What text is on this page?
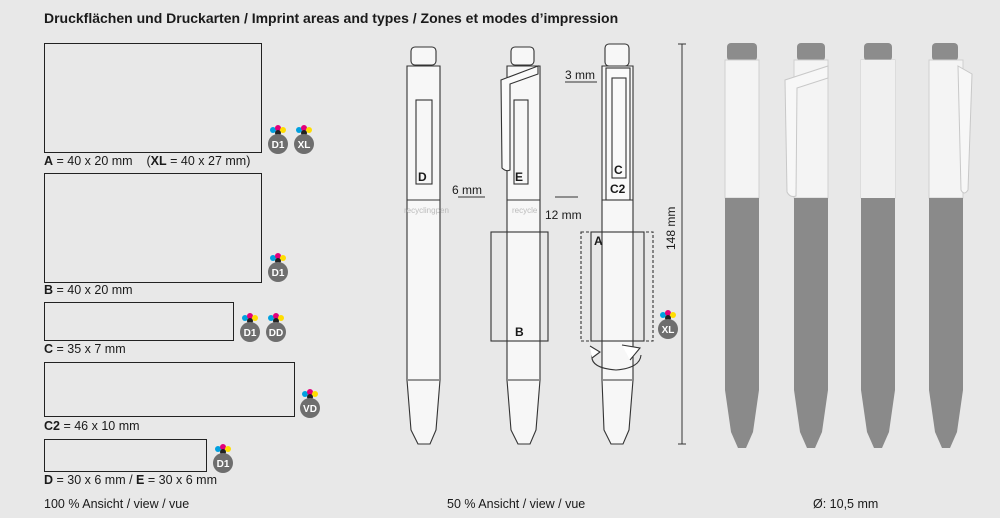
Druckflächen und Druckarten / Imprint areas and types / Zones et modes d’impression
A = 40 x 20 mm (XL = 40 x 27 mm)
B = 40 x 20 mm
C = 35 x 7 mm
C2 = 46 x 10 mm
D = 30 x 6 mm / E = 30 x 6 mm
D1 XL
D1
D1 DD
VD
D1
D	E	C
C2
A
B
recyclingpen	recycle
3 mm
6 mm
12 mm	148 mm
XL
100 % Ansicht / view / vue	50 % Ansicht / view / vue	Ø: 10,5 mm
